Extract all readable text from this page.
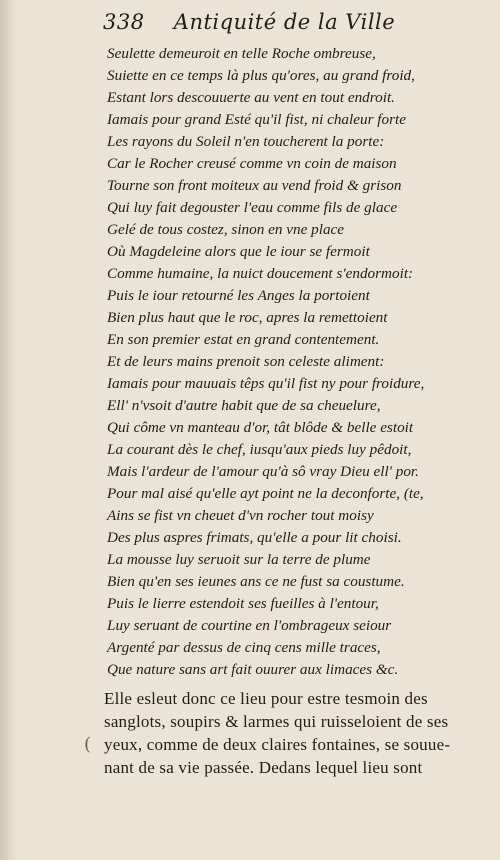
338 Antiquité de la Ville
Seulette demeuroit en telle Roche ombreuse,
Suiette en ce temps là plus qu'ores, au grand froid,
Estant lors descouuerte au vent en tout endroit.
Iamais pour grand Esté qu'il fist, ni chaleur forte
Les rayons du Soleil n'en toucherent la porte:
Car le Rocher creusé comme vn coin de maison
Tourne son front moiteux au vend froid & grison
Qui luy fait degouster l'eau comme fils de glace
Gelé de tous costez, sinon en vne place
Où Magdeleine alors que le iour se fermoit
Comme humaine, la nuict doucement s'endormoit:
Puis le iour retourné les Anges la portoient
Bien plus haut que le roc, apres la remettoient
En son premier estat en grand contentement.
Et de leurs mains prenoit son celeste aliment:
Iamais pour mauuais têps qu'il fist ny pour froidure,
Ell' n'vsoit d'autre habit que de sa cheuelure,
Qui côme vn manteau d'or, tât blôde & belle estoit
La courant dès le chef, iusqu'aux pieds luy pêdoit,
Mais l'ardeur de l'amour qu'à sô vray Dieu ell' por.
Pour mal aisé qu'elle ayt point ne la deconforte, (te,
Ains se fist vn cheuet d'vn rocher tout moisy
Des plus aspres frimats, qu'elle a pour lit choisi.
La mousse luy seruoit sur la terre de plume
Bien qu'en ses ieunes ans ce ne fust sa coustume.
Puis le lierre estendoit ses fueilles à l'entour,
Luy seruant de courtine en l'ombrageux seiour
Argenté par dessus de cinq cens mille traces,
Que nature sans art fait ouurer aux limaces &c.
Elle esleut donc ce lieu pour estre tesmoin des
sanglots, soupirs & larmes qui ruisseloient de ses
yeux, comme de deux claires fontaines, se souue-
nant de sa vie passée. Dedans lequel lieu sont
(
